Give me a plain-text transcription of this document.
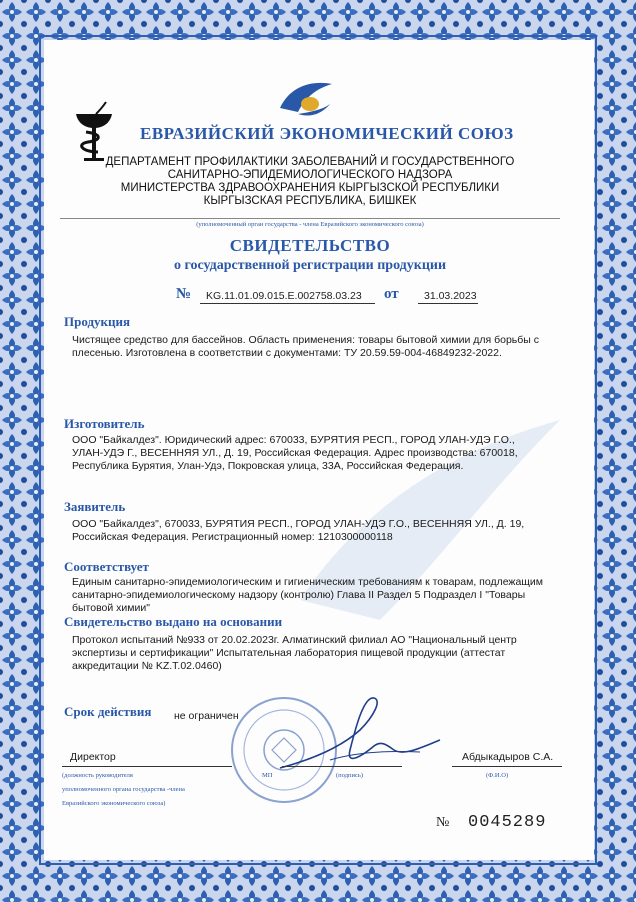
ЕВРАЗИЙСКИЙ ЭКОНОМИЧЕСКИЙ СОЮЗ
ДЕПАРТАМЕНТ ПРОФИЛАКТИКИ ЗАБОЛЕВАНИЙ И ГОСУДАРСТВЕННОГО
САНИТАРНО-ЭПИДЕМИОЛОГИЧЕСКОГО НАДЗОРА
МИНИСТЕРСТВА ЗДРАВООХРАНЕНИЯ КЫРГЫЗСКОЙ РЕСПУБЛИКИ
КЫРГЫЗСКАЯ РЕСПУБЛИКА, БИШКЕК
(уполномоченный орган государства - члена Евразийского экономического союза)
СВИДЕТЕЛЬСТВО
о государственной регистрации продукции
№ KG.11.01.09.015.E.002758.03.23 от 31.03.2023
Продукция
Чистящее средство для бассейнов. Область применения: товары бытовой химии для борьбы с
плесенью. Изготовлена в соответствии с документами: ТУ 20.59.59-004-46849232-2022.
Изготовитель
ООО "Байкалдез". Юридический адрес: 670033, БУРЯТИЯ РЕСП., ГОРОД УЛАН-УДЭ Г.О.,
УЛАН-УДЭ Г., ВЕСЕННЯЯ УЛ., Д. 19, Российская Федерация. Адрес производства: 670018,
Республика Бурятия, Улан-Удэ, Покровская улица, 33А, Российская Федерация.
Заявитель
ООО "Байкалдез", 670033, БУРЯТИЯ РЕСП., ГОРОД УЛАН-УДЭ Г.О., ВЕСЕННЯЯ УЛ., Д. 19,
Российская Федерация. Регистрационный номер: 1210300000118
Соответствует
Единым санитарно-эпидемиологическим и гигиеническим требованиям к товарам, подлежащим
санитарно-эпидемиологическому надзору (контролю) Глава II Раздел 5 Подраздел I "Товары
бытовой химии"
Свидетельство выдано на основании
Протокол испытаний №933 от 20.02.2023г. Алматинский филиал АО "Национальный центр
экспертизы и сертификации" Испытательная лаборатория пищевой продукции (аттестат
аккредитации № KZ.T.02.0460)
Срок действия не ограничен
Директор
(должность руководителя
уполномоченного органа государства -члена
Евразийского экономического союза)
МП	(подпись)
Абдыкадыров С.А.
(Ф.И.О)
№ 0045289
